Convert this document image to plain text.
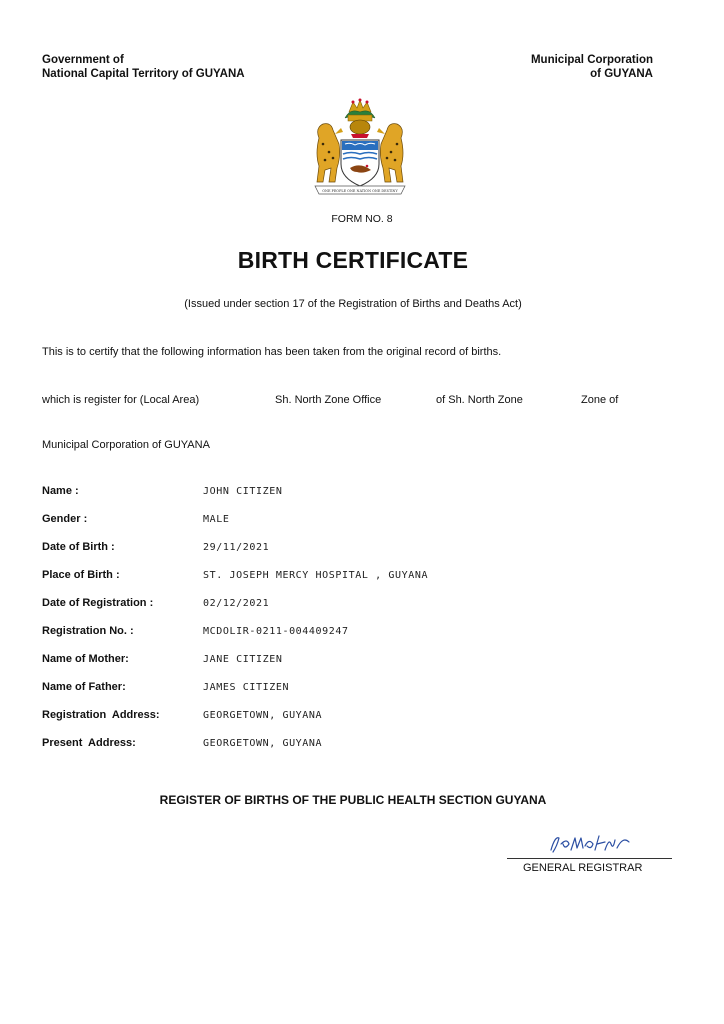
Government of
National Capital Territory of GUYANA
Municipal Corporation
of GUYANA
ONE PEOPLE ONE NATION ONE DESTINY
FORM NO. 8
BIRTH CERTIFICATE
(Issued under section 17 of the Registration of Births and Deaths Act)
This is to certify that the following information has been taken from the original record of births.
which is register for (Local Area)	Sh. North Zone Office	of Sh. North Zone	Zone of
Municipal Corporation of GUYANA
Name :	JOHN CITIZEN
Gender :	MALE
Date of Birth :	29/11/2021
Place of Birth :	ST. JOSEPH MERCY HOSPITAL , GUYANA
Date of Registration :	02/12/2021
Registration No. :	MCDOLIR-0211-004409247
Name of Mother:	JANE CITIZEN
Name of Father:	JAMES CITIZEN
Registration  Address:	GEORGETOWN, GUYANA
Present  Address:	GEORGETOWN, GUYANA
REGISTER OF BIRTHS OF THE PUBLIC HEALTH SECTION GUYANA
GENERAL REGISTRAR
